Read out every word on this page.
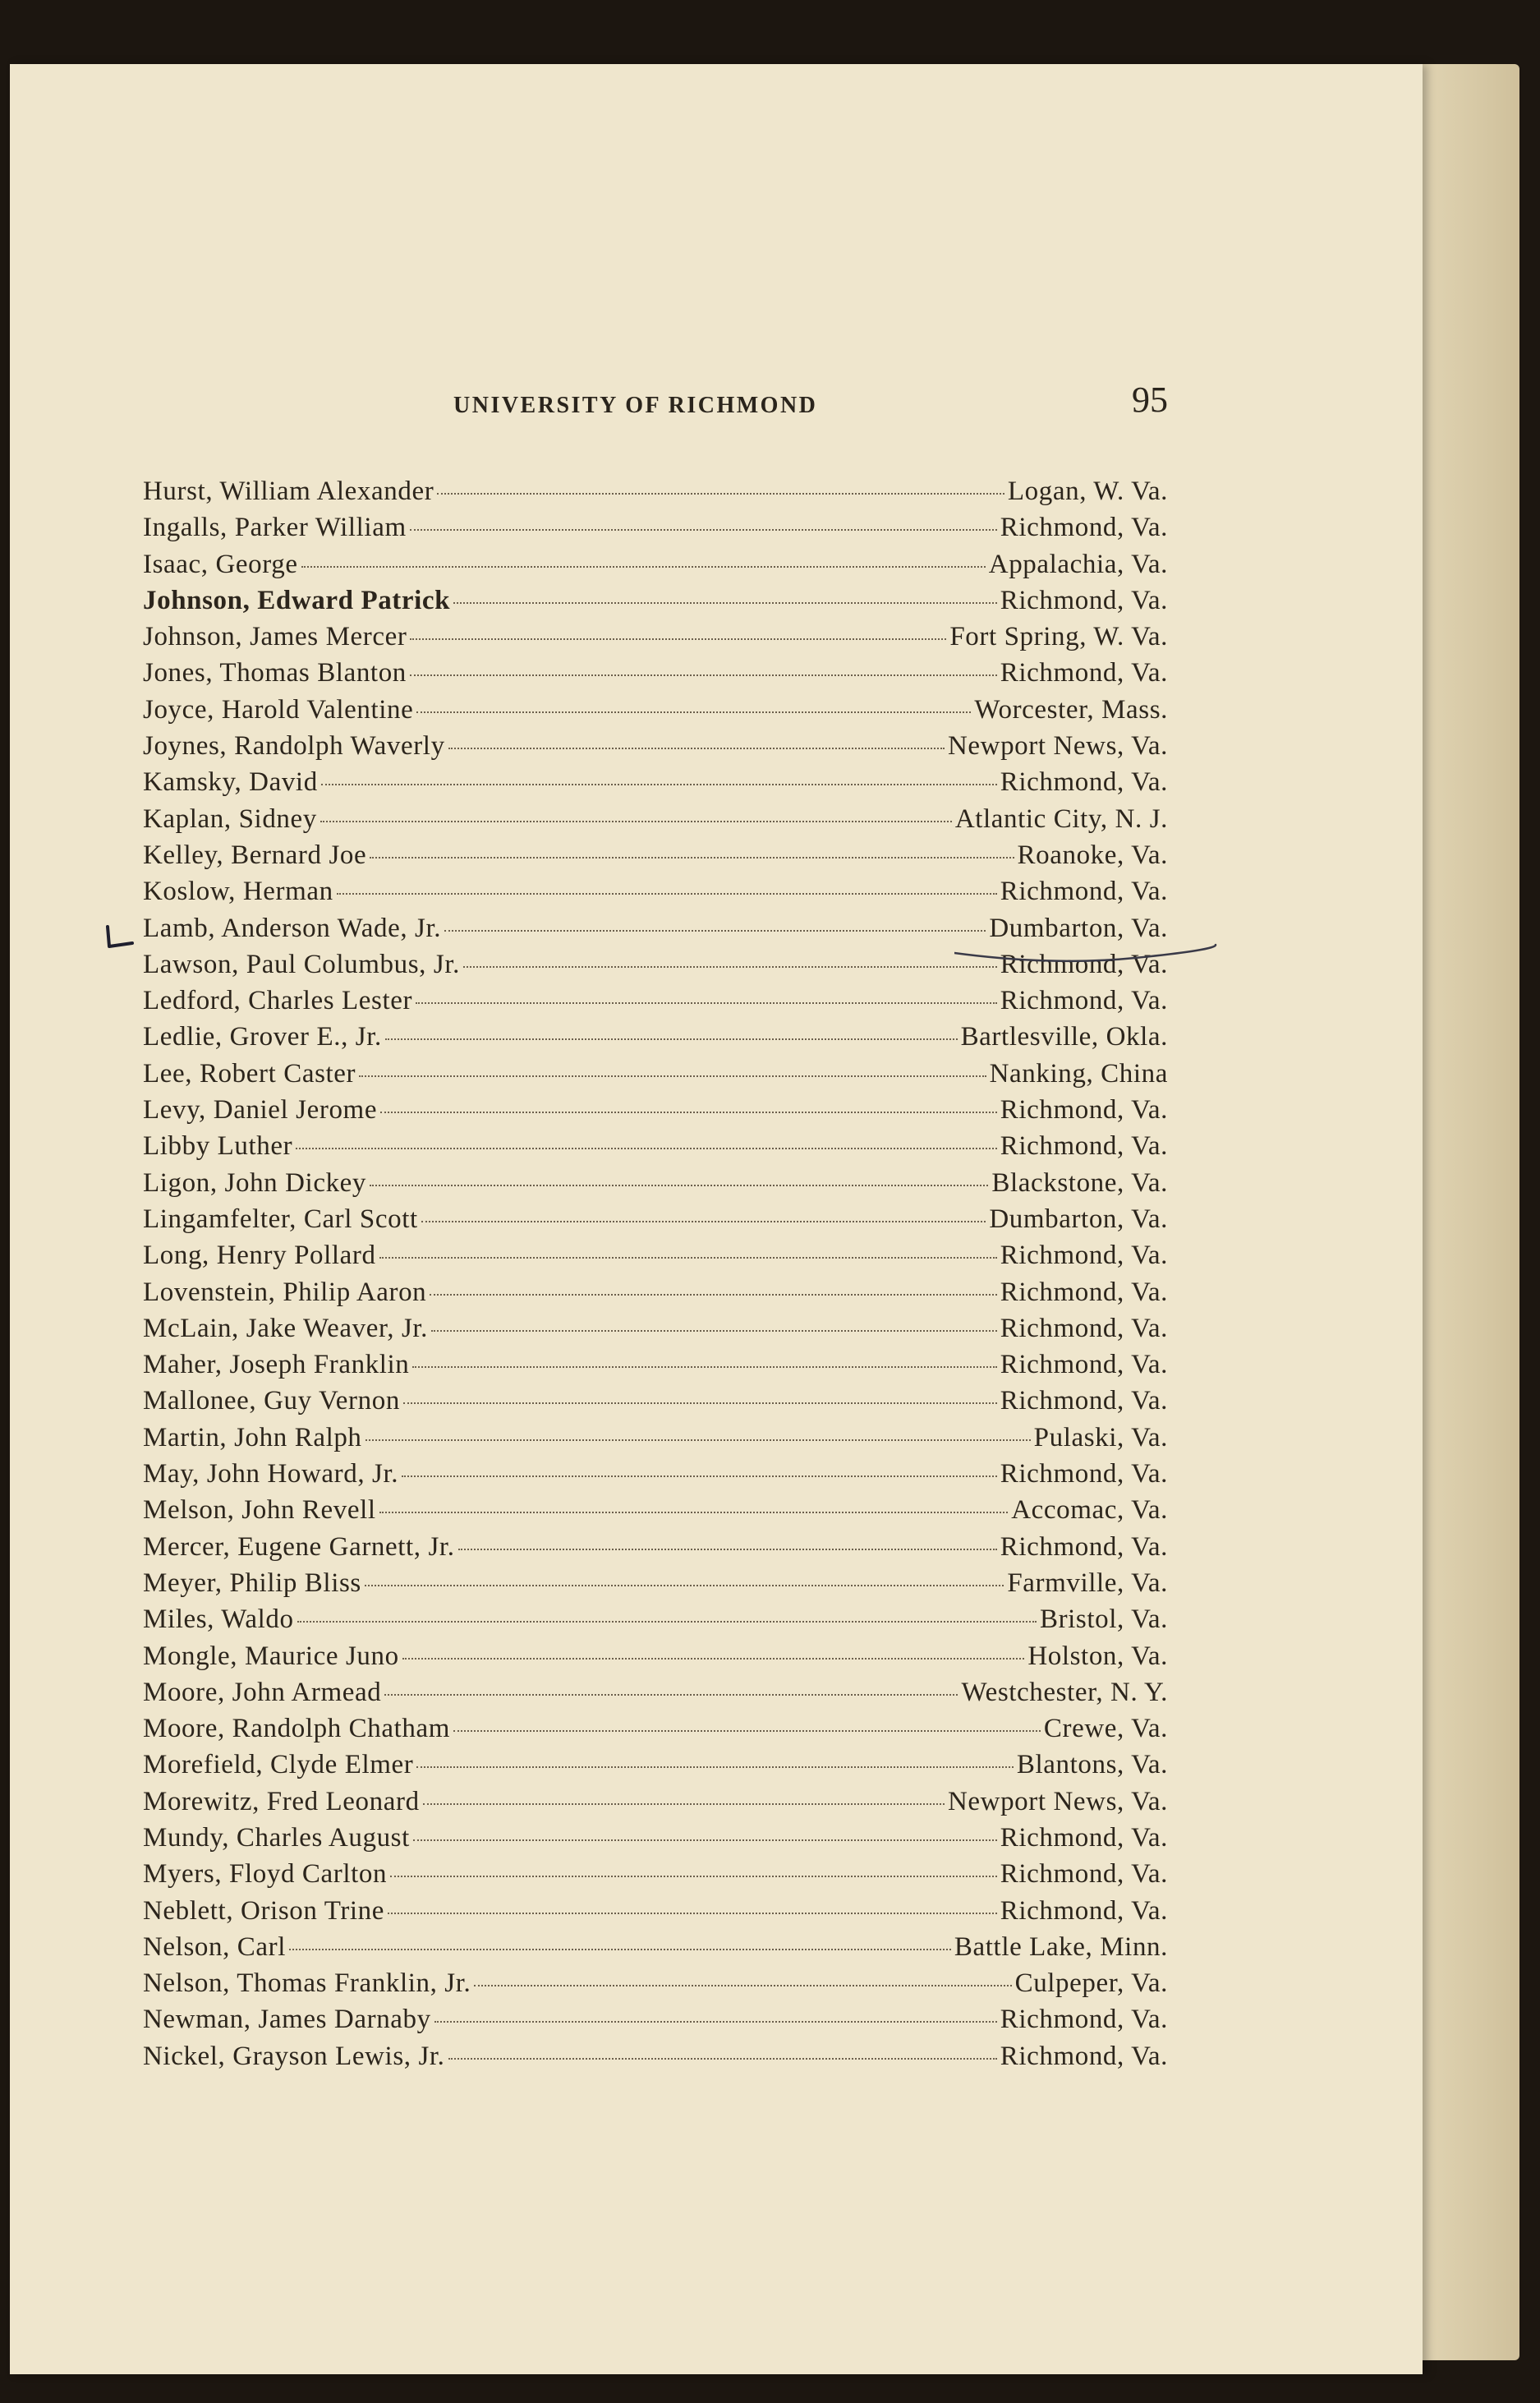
UNIVERSITY OF RICHMOND	95
Hurst, William Alexander	Logan, W. Va.
Ingalls, Parker William	Richmond, Va.
Isaac, George	Appalachia, Va.
Johnson, Edward Patrick	Richmond, Va.
Johnson, James Mercer	Fort Spring, W. Va.
Jones, Thomas Blanton	Richmond, Va.
Joyce, Harold Valentine	Worcester, Mass.
Joynes, Randolph Waverly	Newport News, Va.
Kamsky, David	Richmond, Va.
Kaplan, Sidney	Atlantic City, N. J.
Kelley, Bernard Joe	Roanoke, Va.
Koslow, Herman	Richmond, Va.
Lamb, Anderson Wade, Jr.	Dumbarton, Va.
Lawson, Paul Columbus, Jr.	Richmond, Va.
Ledford, Charles Lester	Richmond, Va.
Ledlie, Grover E., Jr.	Bartlesville, Okla.
Lee, Robert Caster	Nanking, China
Levy, Daniel Jerome	Richmond, Va.
Libby Luther	Richmond, Va.
Ligon, John Dickey	Blackstone, Va.
Lingamfelter, Carl Scott	Dumbarton, Va.
Long, Henry Pollard	Richmond, Va.
Lovenstein, Philip Aaron	Richmond, Va.
McLain, Jake Weaver, Jr.	Richmond, Va.
Maher, Joseph Franklin	Richmond, Va.
Mallonee, Guy Vernon	Richmond, Va.
Martin, John Ralph	Pulaski, Va.
May, John Howard, Jr.	Richmond, Va.
Melson, John Revell	Accomac, Va.
Mercer, Eugene Garnett, Jr.	Richmond, Va.
Meyer, Philip Bliss	Farmville, Va.
Miles, Waldo	Bristol, Va.
Mongle, Maurice Juno	Holston, Va.
Moore, John Armead	Westchester, N. Y.
Moore, Randolph Chatham	Crewe, Va.
Morefield, Clyde Elmer	Blantons, Va.
Morewitz, Fred Leonard	Newport News, Va.
Mundy, Charles August	Richmond, Va.
Myers, Floyd Carlton	Richmond, Va.
Neblett, Orison Trine	Richmond, Va.
Nelson, Carl	Battle Lake, Minn.
Nelson, Thomas Franklin, Jr.	Culpeper, Va.
Newman, James Darnaby	Richmond, Va.
Nickel, Grayson Lewis, Jr.	Richmond, Va.
